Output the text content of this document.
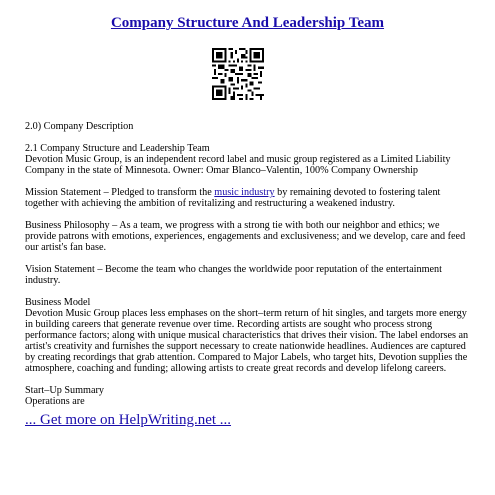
Company Structure And Leadership Team

2.0) Company Description

2.1 Company Structure and Leadership Team
Devotion Music Group, is an independent record label and music group registered as a Limited Liability Company in the state of Minnesota. Owner: Omar Blanco–Valentin, 100% Company Ownership

Mission Statement – Pledged to transform the music industry by remaining devoted to fostering talent together with achieving the ambition of revitalizing and restructuring a weakened industry.

Business Philosophy – As a team, we progress with a strong tie with both our neighbor and ethics; we provide patrons with emotions, experiences, engagements and exclusiveness; and we develop, care and feed our artist's fan base.

Vision Statement – Become the team who changes the worldwide poor reputation of the entertainment industry.

Business Model
Devotion Music Group places less emphases on the short–term return of hit singles, and targets more energy in building careers that generate revenue over time. Recording artists are sought who process strong performance factors; along with unique musical characteristics that drives their vision. The label endorses an artist's creativity and furnishes the support necessary to create nationwide headlines. Audiences are captured by creating recordings that grab attention. Compared to Major Labels, who target hits, Devotion supplies the atmosphere, coaching and funding; allowing artists to create great records and develop lifelong careers.

Start–Up Summary
Operations are

... Get more on HelpWriting.net ...
